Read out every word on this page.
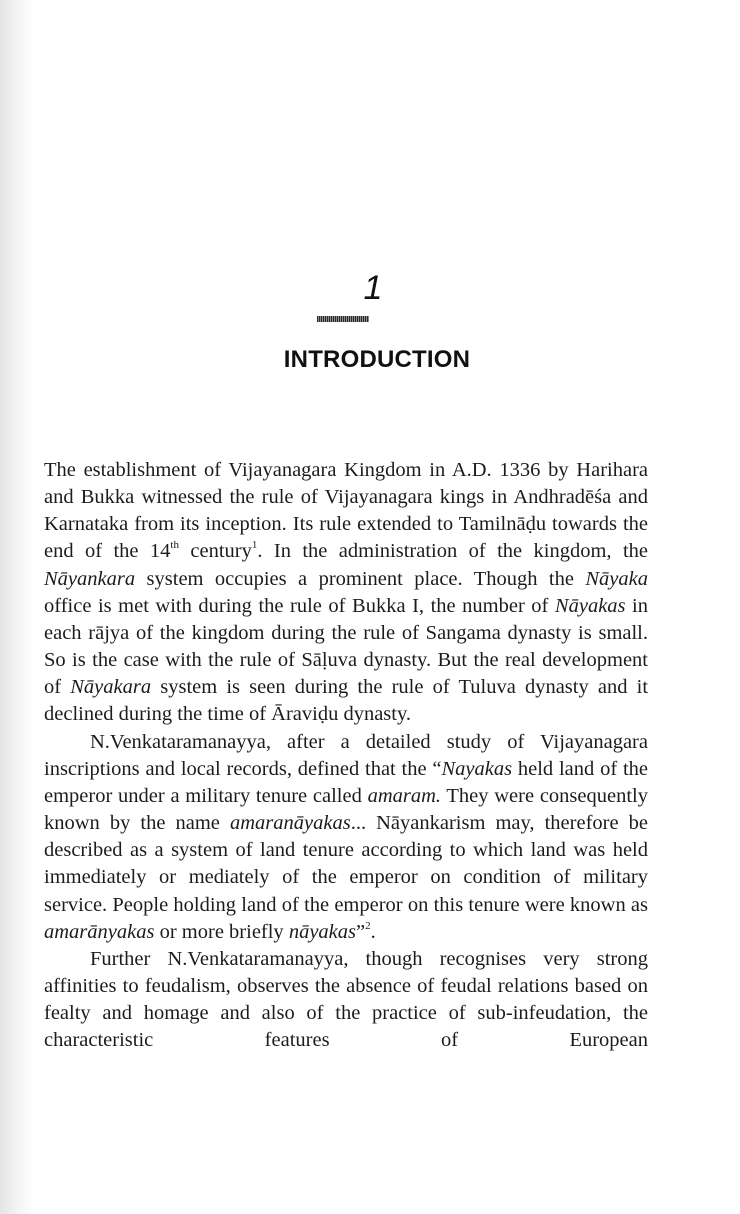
1
INTRODUCTION

The establishment of Vijayanagara Kingdom in A.D. 1336 by Harihara and Bukka witnessed the rule of Vijayanagara kings in Andhradēśa and Karnataka from its inception. Its rule extended to Tamilnāḍu towards the end of the 14th century$^1$. In the administration of the kingdom, the Nāyankara system occupies a prominent place. Though the Nāyaka office is met with during the rule of Bukka I, the number of Nāyakas in each rājya of the kingdom during the rule of Sangama dynasty is small. So is the case with the rule of Sāḷuva dynasty. But the real development of Nāyakara system is seen during the rule of Tuluva dynasty and it declined during the time of Āraviḍu dynasty.

N.Venkataramanayya, after a detailed study of Vijayanagara inscriptions and local records, defined that the “Nayakas held land of the emperor under a military tenure called amaram. They were consequently known by the name amaranāyakas... Nāyankarism may, therefore be described as a system of land tenure according to which land was held immediately or mediately of the emperor on condition of military service. People holding land of the emperor on this tenure were known as amarānyakas or more briefly nāyakas”$^2$.

Further N.Venkataramanayya, though recognises very strong affinities to feudalism, observes the absence of feudal relations based on fealty and homage and also of the practice of sub-infeudation, the characteristic features of European
